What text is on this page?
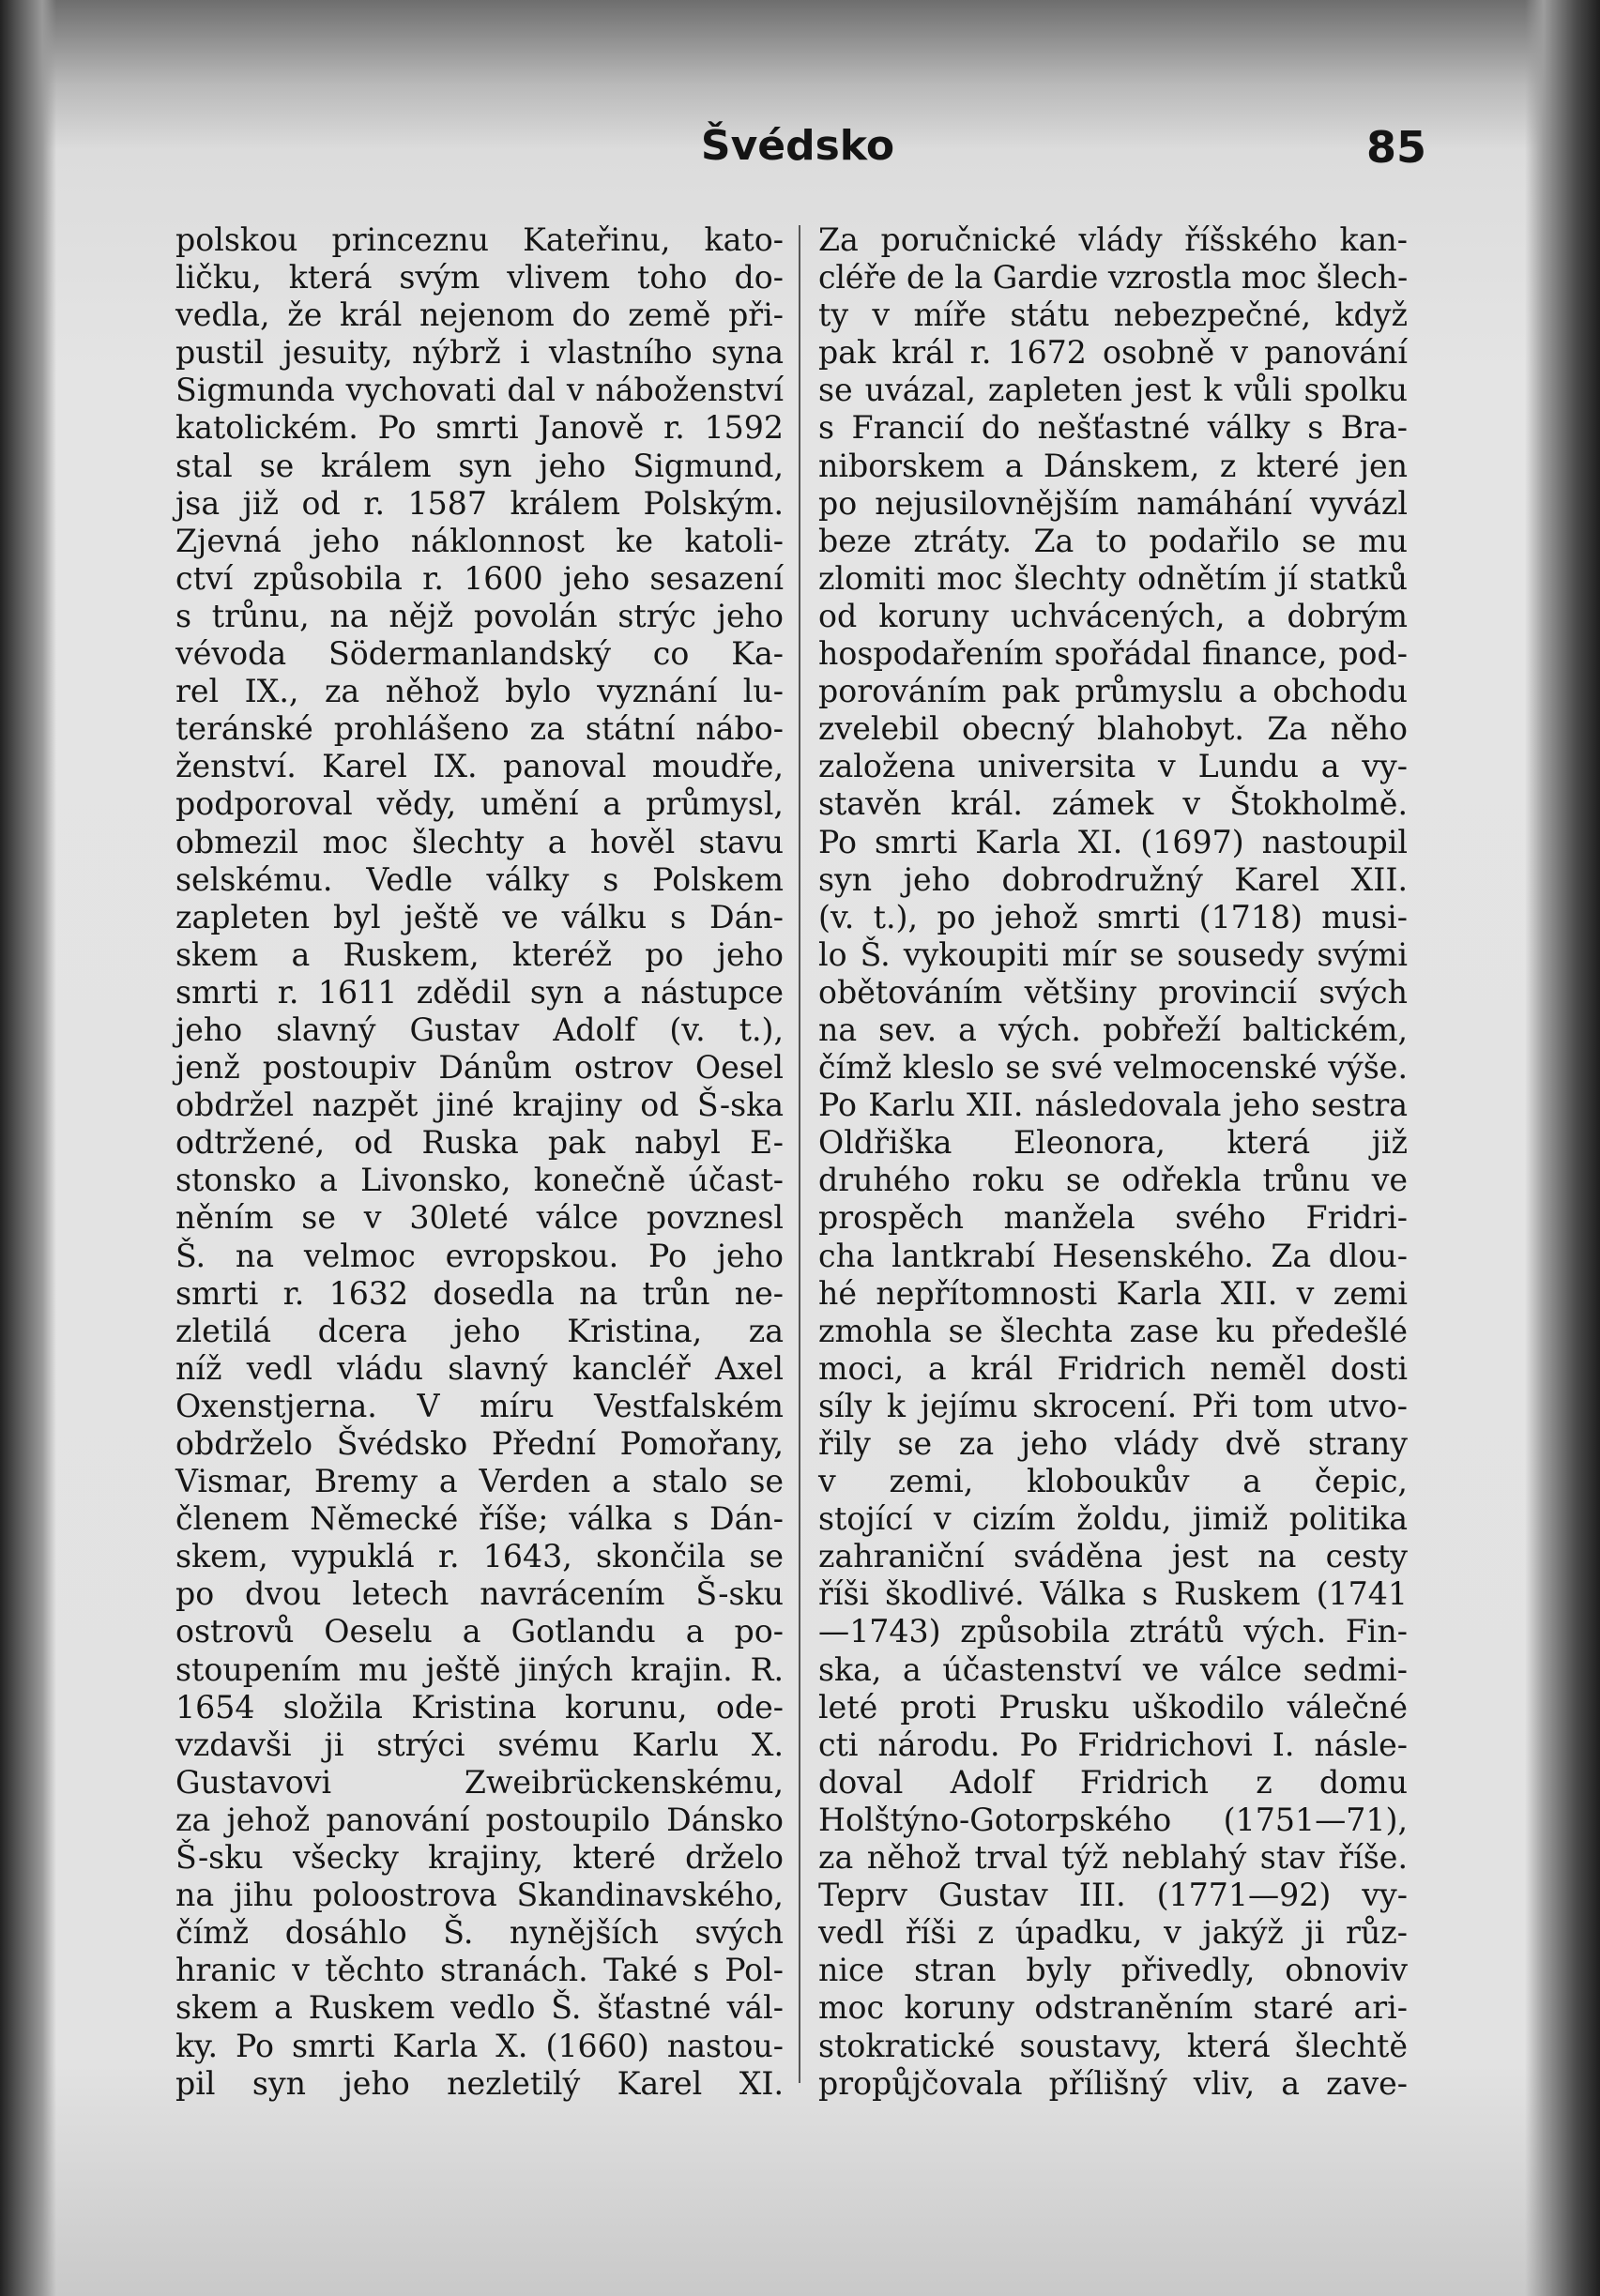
Švédsko	85
polskou princeznu Kateřinu, kato-
ličku, která svým vlivem toho do-
vedla, že král nejenom do země při-
pustil jesuity, nýbrž i vlastního syna
Sigmunda vychovati dal v náboženství
katolickém. Po smrti Janově r. 1592
stal se králem syn jeho Sigmund,
jsa již od r. 1587 králem Polským.
Zjevná jeho náklonnost ke katoli-
ctví způsobila r. 1600 jeho sesazení
s trůnu, na nějž povolán strýc jeho
vévoda Södermanlandský co Ka-
rel IX., za něhož bylo vyznání lu-
teránské prohlášeno za státní nábo-
ženství. Karel IX. panoval moudře,
podporoval vědy, umění a průmysl,
obmezil moc šlechty a hověl stavu
selskému. Vedle války s Polskem
zapleten byl ještě ve válku s Dán-
skem a Ruskem, kteréž po jeho
smrti r. 1611 zdědil syn a nástupce
jeho slavný Gustav Adolf (v. t.),
jenž postoupiv Dánům ostrov Oesel
obdržel nazpět jiné krajiny od Š-ska
odtržené, od Ruska pak nabyl E-
stonsko a Livonsko, konečně účast-
něním se v 30leté válce povznesl
Š. na velmoc evropskou. Po jeho
smrti r. 1632 dosedla na trůn ne-
zletilá dcera jeho Kristina, za
níž vedl vládu slavný kancléř Axel
Oxenstjerna. V míru Vestfalském
obdrželo Švédsko Přední Pomořany,
Vismar, Bremy a Verden a stalo se
členem Německé říše; válka s Dán-
skem, vypuklá r. 1643, skončila se
po dvou letech navrácením Š-sku
ostrovů Oeselu a Gotlandu a po-
stoupením mu ještě jiných krajin. R.
1654 složila Kristina korunu, ode-
vzdavši ji strýci svému Karlu X.
Gustavovi Zweibrückenskému,
za jehož panování postoupilo Dánsko
Š-sku všecky krajiny, které drželo
na jihu poloostrova Skandinavského,
čímž dosáhlo Š. nynějších svých
hranic v těchto stranách. Také s Pol-
skem a Ruskem vedlo Š. šťastné vál-
ky. Po smrti Karla X. (1660) nastou-
pil syn jeho nezletilý Karel XI.
Za poručnické vlády říšského kan-
cléře de la Gardie vzrostla moc šlech-
ty v míře státu nebezpečné, když
pak král r. 1672 osobně v panování
se uvázal, zapleten jest k vůli spolku
s Francií do nešťastné války s Bra-
niborskem a Dánskem, z které jen
po nejusilovnějším namáhání vyvázl
beze ztráty. Za to podařilo se mu
zlomiti moc šlechty odnětím jí statků
od koruny uchvácených, a dobrým
hospodařením spořádal finance, pod-
porováním pak průmyslu a obchodu
zvelebil obecný blahobyt. Za něho
založena universita v Lundu a vy-
stavěn král. zámek v Štokholmě.
Po smrti Karla XI. (1697) nastoupil
syn jeho dobrodružný Karel XII.
(v. t.), po jehož smrti (1718) musi-
lo Š. vykoupiti mír se sousedy svými
obětováním většiny provincií svých
na sev. a vých. pobřeží baltickém,
čímž kleslo se své velmocenské výše.
Po Karlu XII. následovala jeho sestra
Oldřiška Eleonora, která již
druhého roku se odřekla trůnu ve
prospěch manžela svého Fridri-
cha lantkrabí Hesenského. Za dlou-
hé nepřítomnosti Karla XII. v zemi
zmohla se šlechta zase ku předešlé
moci, a král Fridrich neměl dosti
síly k jejímu skrocení. Při tom utvo-
řily se za jeho vlády dvě strany
v zemi, kloboukův a čepic,
stojící v cizím žoldu, jimiž politika
zahraniční sváděna jest na cesty
říši škodlivé. Válka s Ruskem (1741
—1743) způsobila ztrátů vých. Fin-
ska, a účastenství ve válce sedmi-
leté proti Prusku uškodilo válečné
cti národu. Po Fridrichovi I. násle-
doval Adolf Fridrich z domu
Holštýno-Gotorpského (1751—71),
za něhož trval týž neblahý stav říše.
Teprv Gustav III. (1771—92) vy-
vedl říši z úpadku, v jakýž ji růz-
nice stran byly přivedly, obnoviv
moc koruny odstraněním staré ari-
stokratické soustavy, která šlechtě
propůjčovala přílišný vliv, a zave-
